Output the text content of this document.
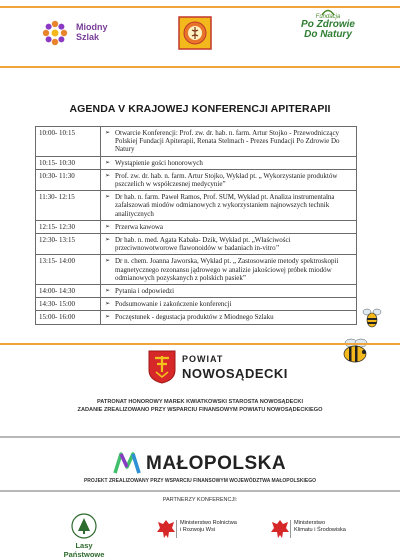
Miodny
Szlak
Fundacja
Po Zdrowie
Do Natury
AGENDA V KRAJOWEJ KONFERENCJI APITERAPII
10:00- 10:15	➢ Otwarcie Konferencji: Prof. zw. dr. hab. n. farm. Artur Stojko - Przewodniczący Polskiej Fundacji Apiterapii, Renata Stelmach - Prezes Fundacji Po Zdrowie Do Natury
10:15- 10:30	➢ Wystąpienie gości honorowych
10:30- 11:30	➢ Prof. zw. dr. hab. n. farm. Artur Stojko, Wykład pt. „ Wykorzystanie produktów pszczelich w współczesnej medycynie”
11:30- 12:15	➢ Dr hab. n. farm. Paweł Ramos, Prof. SUM, Wykład pt. Analiza instrumentalna zafałszowań miodów odmianowych z wykorzystaniem najnowszych technik analitycznych
12:15- 12:30	➢ Przerwa kawowa
12:30- 13:15	➢ Dr hab. n. med. Agata Kabała- Dzik, Wykład pt. „Właściwości przeciwnowotworowe flawonoidów w badaniach in-vitro’’
13:15- 14:00	➢ Dr n. chem. Joanna Jaworska, Wykład pt. „ Zastosowanie metody spektroskopii magnetycznego rezonansu jądrowego w analizie jakościowej próbek miodów odmianowych pozyskanych z polskich pasiek”
14:00- 14:30	➢ Pytania i odpowiedzi
14:30- 15:00	➢ Podsumowanie i zakończenie konferencji
15:00- 16:00	➢ Poczęstunek - degustacja produktów z Miodnego Szlaku
POWIAT
NOWOSĄDECKI
PATRONAT HONOROWY MAREK KWIATKOWSKI STAROSTA NOWOSĄDECKI
ZADANIE ZREALIZOWANO PRZY WSPARCIU FINANSOWYM POWIATU NOWOSĄDECKIEGO
MAŁOPOLSKA
PROJEKT ZREALIZOWANY PRZY WSPARCIU FINANSOWYM WOJEWÓDZTWA MAŁOPOLSKIEGO
PARTNERZY KONFERENCJI:
Lasy Państwowe
Ministerstwo Rolnictwa
i Rozwoju Wsi
Ministerstwo
Klimatu i Środowiska
